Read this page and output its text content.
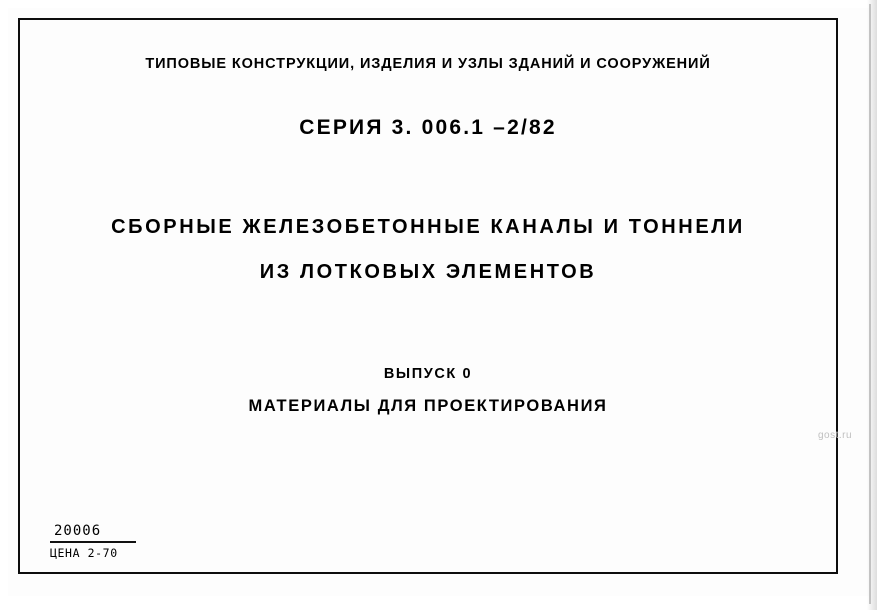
ТИПОВЫЕ КОНСТРУКЦИИ, ИЗДЕЛИЯ И УЗЛЫ ЗДАНИЙ И СООРУЖЕНИЙ
СЕРИЯ 3. 006.1 –2/82
СБОРНЫЕ ЖЕЛЕЗОБЕТОННЫЕ КАНАЛЫ И ТОННЕЛИ
ИЗ ЛОТКОВЫХ ЭЛЕМЕНТОВ
ВЫПУСК 0
МАТЕРИАЛЫ ДЛЯ ПРОЕКТИРОВАНИЯ
20006
ЦЕНА 2-70
gost.ru
